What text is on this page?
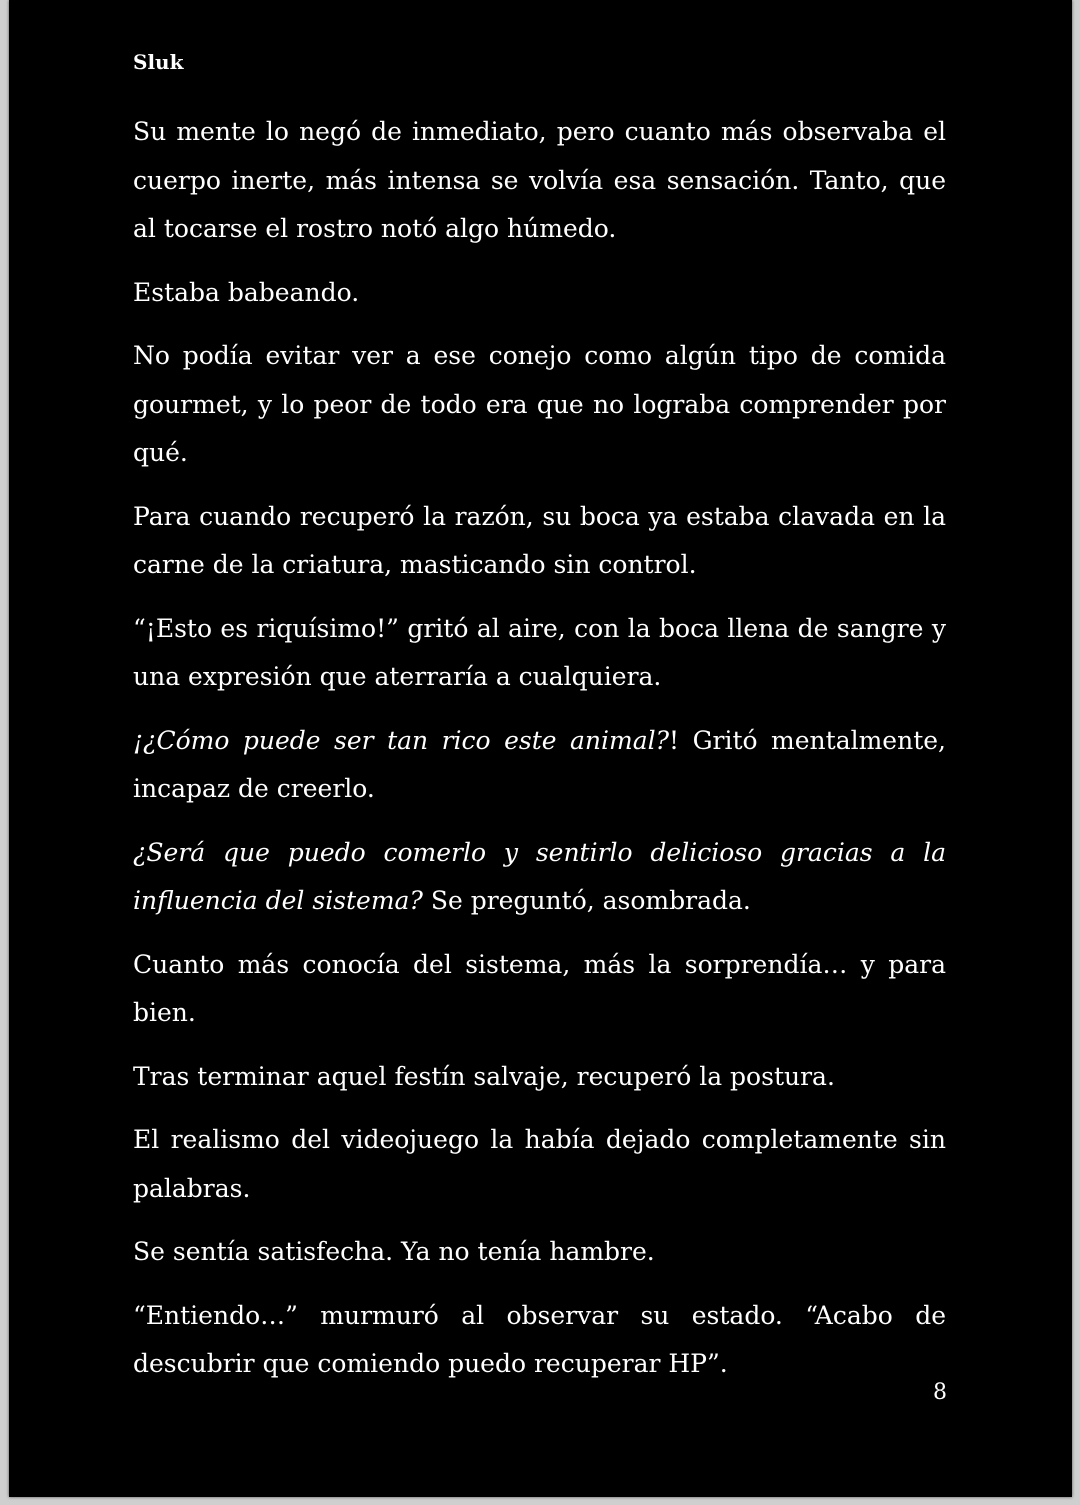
Sluk

Su mente lo negó de inmediato, pero cuanto más observaba el cuerpo inerte, más intensa se volvía esa sensación. Tanto, que al tocarse el rostro notó algo húmedo.

Estaba babeando.

No podía evitar ver a ese conejo como algún tipo de comida gourmet, y lo peor de todo era que no lograba comprender por qué.

Para cuando recuperó la razón, su boca ya estaba clavada en la carne de la criatura, masticando sin control.

“¡Esto es riquísimo!” gritó al aire, con la boca llena de sangre y una expresión que aterraría a cualquiera.

¡¿Cómo puede ser tan rico este animal?! Gritó mentalmente, incapaz de creerlo.

¿Será que puedo comerlo y sentirlo delicioso gracias a la influencia del sistema? Se preguntó, asombrada.

Cuanto más conocía del sistema, más la sorprendía… y para bien.

Tras terminar aquel festín salvaje, recuperó la postura.

El realismo del videojuego la había dejado completamente sin palabras.

Se sentía satisfecha. Ya no tenía hambre.

“Entiendo…” murmuró al observar su estado. “Acabo de descubrir que comiendo puedo recuperar HP”.

8
